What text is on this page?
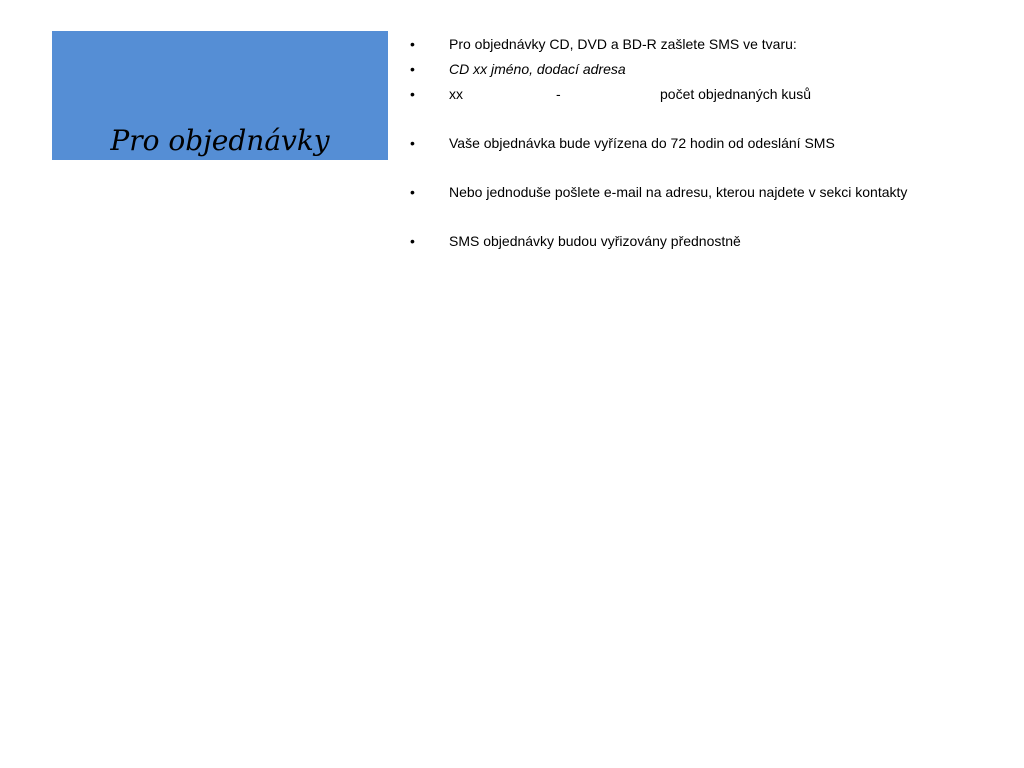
Pro objednávky
• Pro objednávky CD, DVD a BD-R zašlete SMS ve tvaru:
• CD xx jméno, dodací adresa
• xx	-	počet objednaných kusů
• Vaše objednávka bude vyřízena do 72 hodin od odeslání SMS
• Nebo jednoduše pošlete e-mail na adresu, kterou najdete v sekci kontakty
• SMS objednávky budou vyřizovány přednostně
